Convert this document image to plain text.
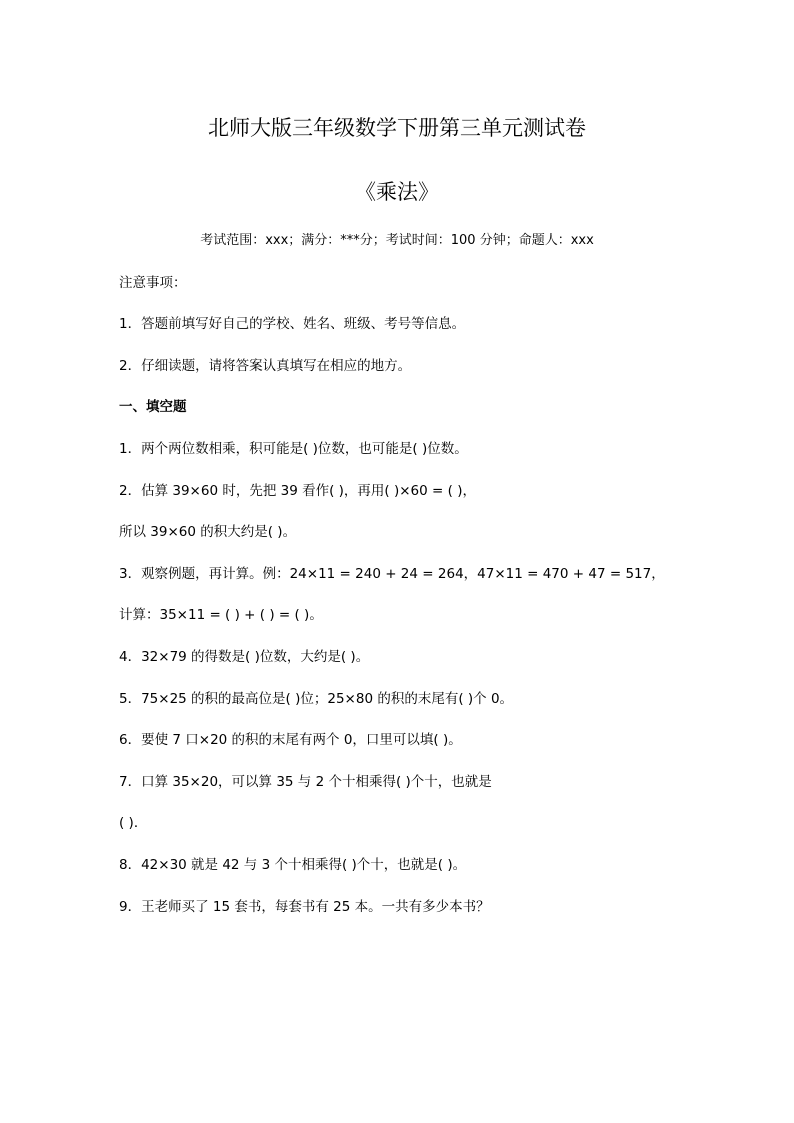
北师大版三年级数学下册第三单元测试卷
《乘法》
考试范围：xxx；满分：***分；考试时间：100 分钟；命题人：xxx
注意事项：
1．答题前填写好自己的学校、姓名、班级、考号等信息。
2．仔细读题，请将答案认真填写在相应的地方。
一、填空题
1．两个两位数相乘，积可能是( )位数，也可能是( )位数。
2．估算 39×60 时，先把 39 看作( )，再用( )×60 = ( )，
所以 39×60 的积大约是( )。
3．观察例题，再计算。例：24×11 = 240 + 24 = 264，47×11 = 470 + 47 = 517，
计算：35×11 = ( ) + ( ) = ( )。
4．32×79 的得数是( )位数，大约是( )。
5．75×25 的积的最高位是( )位；25×80 的积的末尾有( )个 0。
6．要使 7 口×20 的积的末尾有两个 0，口里可以填( )。
7．口算 35×20，可以算 35 与 2 个十相乘得( )个十，也就是
( )．
8．42×30 就是 42 与 3 个十相乘得( )个十，也就是( )。
9．王老师买了 15 套书，每套书有 25 本。一共有多少本书？
